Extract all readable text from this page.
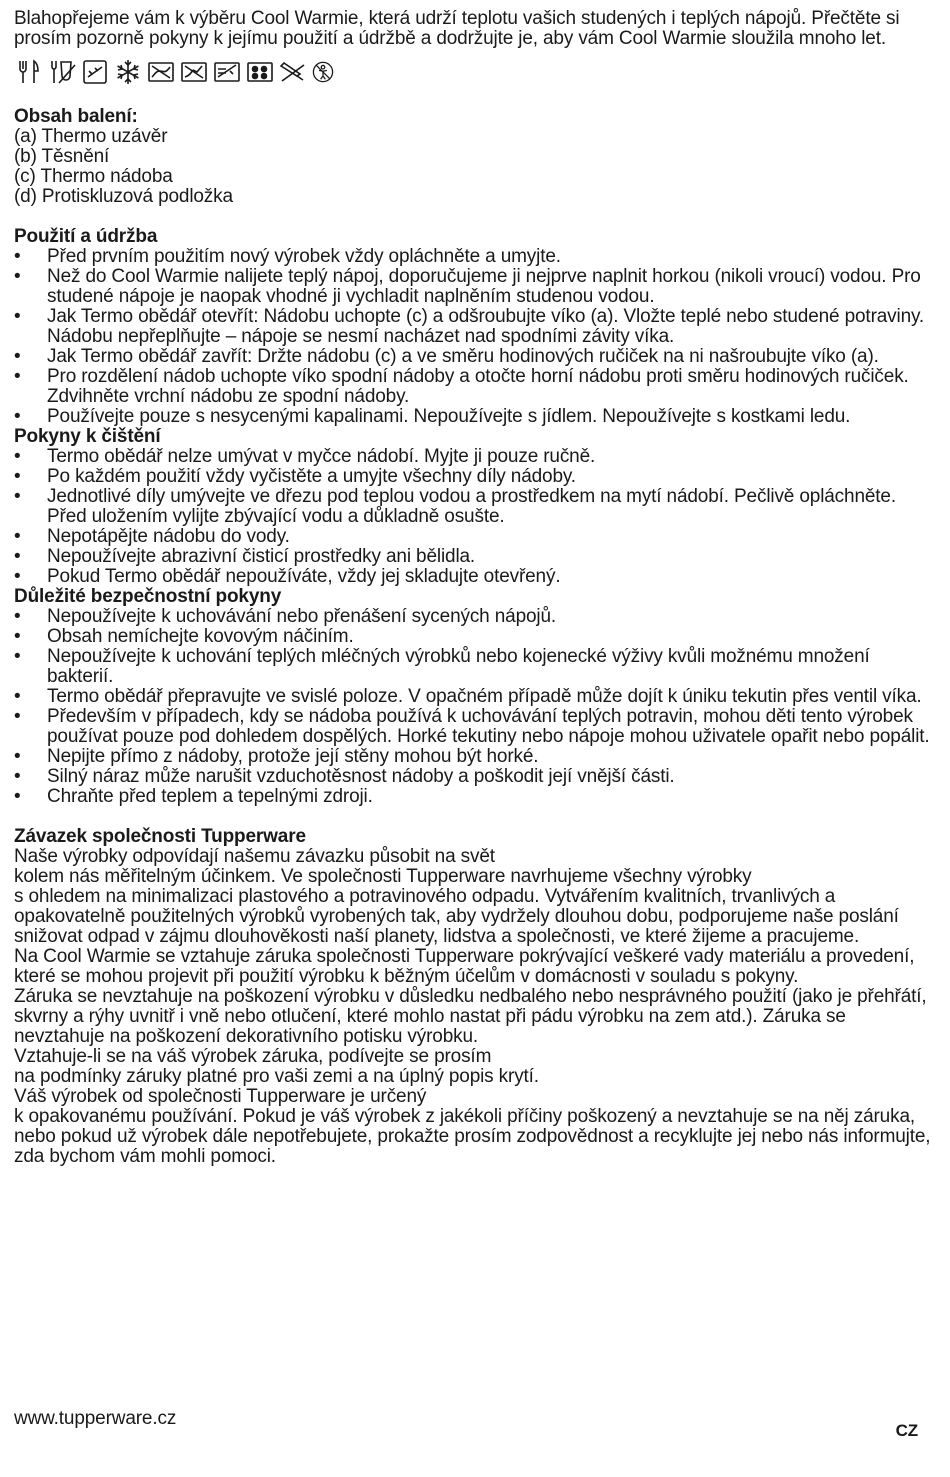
Blahopřejeme vám k výběru Cool Warmie, která udrží teplotu vašich studených i teplých nápojů. Přečtěte si prosím pozorně pokyny k jejímu použití a údržbě a dodržujte je, aby vám Cool Warmie sloužila mnoho let.

Obsah balení:

(a) Thermo uzávěr

(b) Těsnění

(c) Thermo nádoba

(d) Protiskluzová podložka

Použití a údržba
• Před prvním použitím nový výrobek vždy opláchněte a umyjte.
• Než do Cool Warmie nalijete teplý nápoj, doporučujeme ji nejprve naplnit horkou (nikoli vroucí) vodou. Pro studené nápoje je naopak vhodné ji vychladit naplněním studenou vodou.
• Jak Termo obědář otevřít: Nádobu uchopte (c) a odšroubujte víko (a). Vložte teplé nebo studené potraviny. Nádobu nepřeplňujte – nápoje se nesmí nacházet nad spodními závity víka.
• Jak Termo obědář zavřít: Držte nádobu (c) a ve směru hodinových ručiček na ni našroubujte víko (a).
• Pro rozdělení nádob uchopte víko spodní nádoby a otočte horní nádobu proti směru hodinových ručiček. Zdvihněte vrchní nádobu ze spodní nádoby.
• Používejte pouze s nesycenými kapalinami. Nepoužívejte s jídlem. Nepoužívejte s kostkami ledu.
Pokyny k čištění
• Termo obědář nelze umývat v myčce nádobí. Myjte ji pouze ručně.
• Po každém použití vždy vyčistěte a umyjte všechny díly nádoby.
• Jednotlivé díly umývejte ve dřezu pod teplou vodou a prostředkem na mytí nádobí. Pečlivě opláchněte. Před uložením vylijte zbývající vodu a důkladně osušte.
• Nepotápějte nádobu do vody.
• Nepoužívejte abrazivní čisticí prostředky ani bělidla.
• Pokud Termo obědář nepoužíváte, vždy jej skladujte otevřený.
Důležité bezpečnostní pokyny
• Nepoužívejte k uchovávání nebo přenášení sycených nápojů.
• Obsah nemíchejte kovovým náčiním.
• Nepoužívejte k uchování teplých mléčných výrobků nebo kojenecké výživy kvůli možnému množení bakterií.
• Termo obědář přepravujte ve svislé poloze. V opačném případě může dojít k úniku tekutin přes ventil víka.
• Především v případech, kdy se nádoba používá k uchovávání teplých potravin, mohou děti tento výrobek používat pouze pod dohledem dospělých. Horké tekutiny nebo nápoje mohou uživatele opařit nebo popálit.
• Nepijte přímo z nádoby, protože její stěny mohou být horké.
• Silný náraz může narušit vzduchotěsnost nádoby a poškodit její vnější části.
• Chraňte před teplem a tepelnými zdroji.
Závazek společnosti Tupperware

Naše výrobky odpovídají našemu závazku působit na svět

kolem nás měřitelným účinkem. Ve společnosti Tupperware navrhujeme všechny výrobky

s ohledem na minimalizaci plastového a potravinového odpadu. Vytvářením kvalitních, trvanlivých a opakovatelně použitelných výrobků vyrobených tak, aby vydržely dlouhou dobu, podporujeme naše poslání snižovat odpad v zájmu dlouhověkosti naší planety, lidstva a společnosti, ve které žijeme a pracujeme.

Na Cool Warmie se vztahuje záruka společnosti Tupperware pokrývající veškeré vady materiálu a provedení, které se mohou projevit při použití výrobku k běžným účelům v domácnosti v souladu s pokyny.

Záruka se nevztahuje na poškození výrobku v důsledku nedbalého nebo nesprávného použití (jako je přehřátí, skvrny a rýhy uvnitř i vně nebo otlučení, které mohlo nastat při pádu výrobku na zem atd.). Záruka se nevztahuje na poškození dekorativního potisku výrobku.

Vztahuje-li se na váš výrobek záruka, podívejte se prosím

na podmínky záruky platné pro vaši zemi a na úplný popis krytí.

Váš výrobek od společnosti Tupperware je určený

k opakovanému používání. Pokud je váš výrobek z jakékoli příčiny poškozený a nevztahuje se na něj záruka,

nebo pokud už výrobek dále nepotřebujete, prokažte prosím zodpovědnost a recyklujte jej nebo nás informujte, zda bychom vám mohli pomoci.

www.tupperware.cz
CZ
